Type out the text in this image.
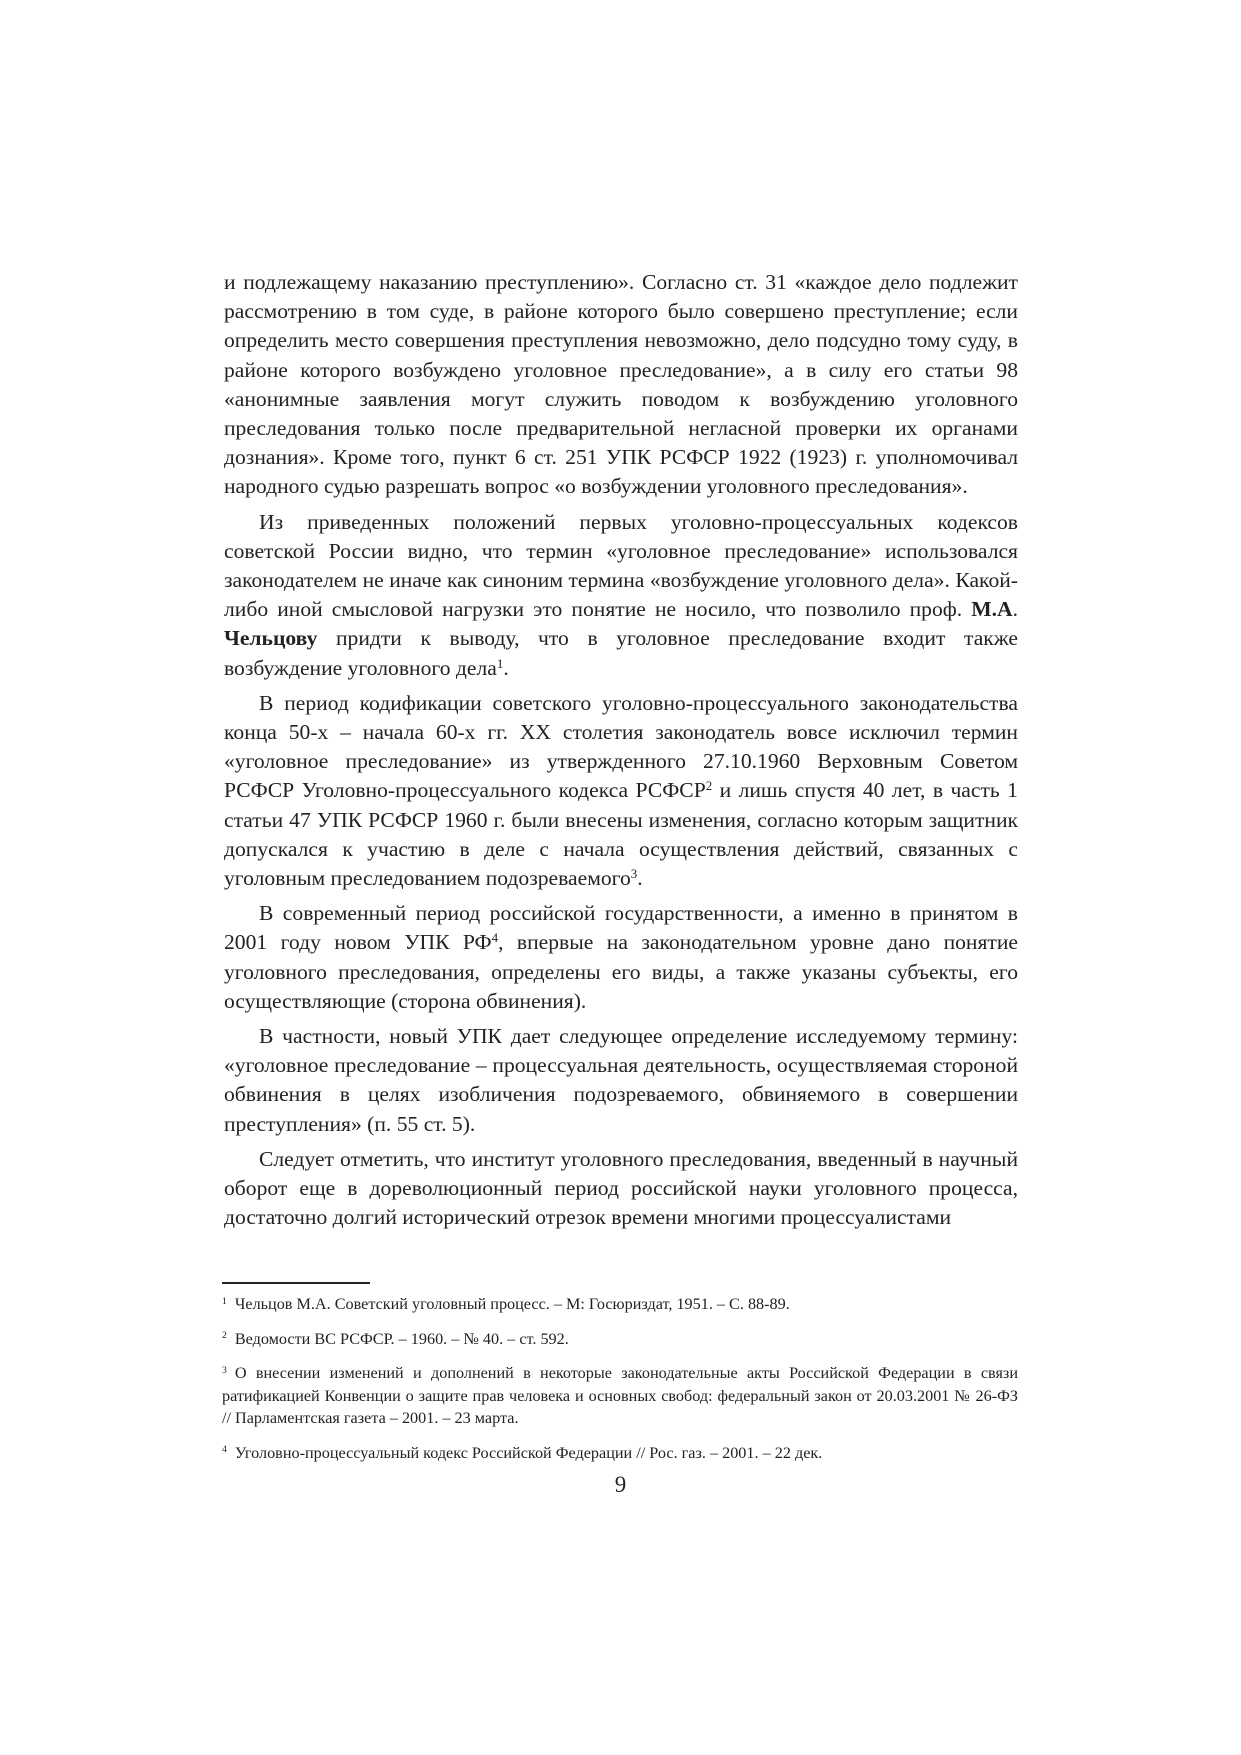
и подлежащему наказанию преступлению». Согласно ст. 31 «каждое дело подлежит рассмотрению в том суде, в районе которого было совершено преступление; если определить место совершения преступления невозможно, дело подсудно тому суду, в районе которого возбуждено уголовное преследование», а в силу его статьи 98 «анонимные заявления могут служить поводом к возбуждению уголовного преследования только после предварительной негласной проверки их органами дознания». Кроме того, пункт 6 ст. 251 УПК РСФСР 1922 (1923) г. уполномочивал народного судью разрешать вопрос «о возбуждении уголовного преследования».

Из приведенных положений первых уголовно-процессуальных кодексов советской России видно, что термин «уголовное преследование» использовался законодателем не иначе как синоним термина «возбуждение уголовного дела». Какой-либо иной смысловой нагрузки это понятие не носило, что позволило проф. М.А. Чельцову придти к выводу, что в уголовное преследование входит также возбуждение уголовного дела$^1$.

В период кодификации советского уголовно-процессуального законодательства конца 50-х – начала 60-х гг. XX столетия законодатель вовсе исключил термин «уголовное преследование» из утвержденного 27.10.1960 Верховным Советом РСФСР Уголовно-процессуального кодекса РСФСР$^2$ и лишь спустя 40 лет, в часть 1 статьи 47 УПК РСФСР 1960 г. были внесены изменения, согласно которым защитник допускался к участию в деле с начала осуществления действий, связанных с уголовным преследованием подозреваемого$^3$.

В современный период российской государственности, а именно в принятом в 2001 году новом УПК $РФ^4$, впервые на законодательном уровне дано понятие уголовного преследования, определены его виды, а также указаны субъекты, его осуществляющие (сторона обвинения).

В частности, новый УПК дает следующее определение исследуемому термину: «уголовное преследование – процессуальная деятельность, осуществляемая стороной обвинения в целях изобличения подозреваемого, обвиняемого в совершении преступления» (п. 55 ст. 5).

Следует отметить, что институт уголовного преследования, введенный в научный оборот еще в дореволюционный период российской науки уголовного процесса, достаточно долгий исторический отрезок времени многими процессуалистами

$^1$ Чельцов М.А. Советский уголовный процесс. – М: Госюриздат, 1951. – С. 88-89.
$^2$ Ведомости ВС РСФСР. – 1960. – № 40. – ст. 592.
$^3$ О внесении изменений и дополнений в некоторые законодательные акты Российской Федерации в связи ратификацией Конвенции о защите прав человека и основных свобод: федеральный закон от 20.03.2001 № 26-ФЗ // Парламентская газета – 2001. – 23 марта.
$^4$ Уголовно-процессуальный кодекс Российской Федерации // Рос. газ. – 2001. – 22 дек.
9
